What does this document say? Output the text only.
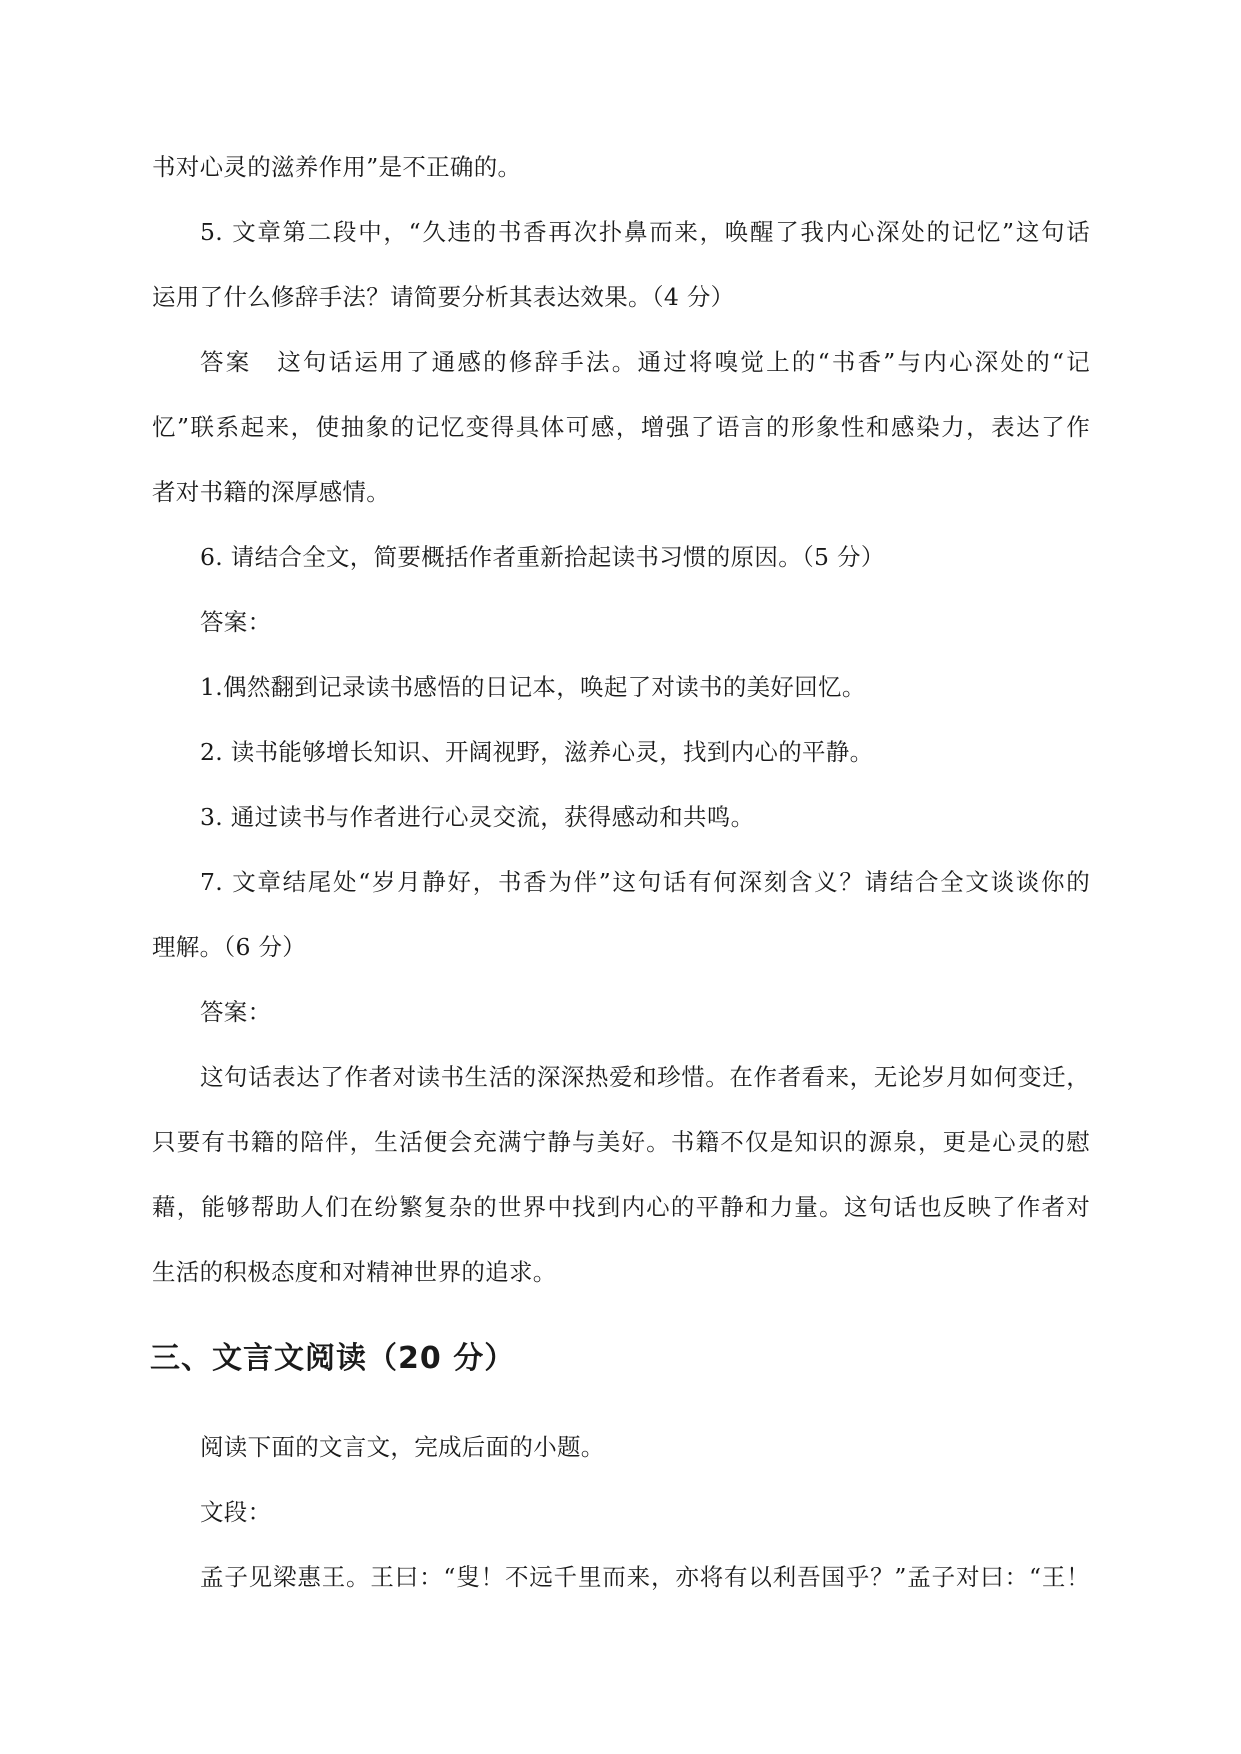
书对心灵的滋养作用”是不正确的。
5. 文章第二段中，“久违的书香再次扑鼻而来，唤醒了我内心深处的记忆”这句话
运用了什么修辞手法？请简要分析其表达效果。（4 分）
答案　这句话运用了通感的修辞手法。通过将嗅觉上的“书香”与内心深处的“记
忆”联系起来，使抽象的记忆变得具体可感，增强了语言的形象性和感染力，表达了作
者对书籍的深厚感情。
6. 请结合全文，简要概括作者重新拾起读书习惯的原因。（5 分）
答案：
1.偶然翻到记录读书感悟的日记本，唤起了对读书的美好回忆。
2. 读书能够增长知识、开阔视野，滋养心灵，找到内心的平静。
3. 通过读书与作者进行心灵交流，获得感动和共鸣。
7. 文章结尾处“岁月静好，书香为伴”这句话有何深刻含义？请结合全文谈谈你的
理解。（6 分）
答案：
这句话表达了作者对读书生活的深深热爱和珍惜。在作者看来，无论岁月如何变迁，
只要有书籍的陪伴，生活便会充满宁静与美好。书籍不仅是知识的源泉，更是心灵的慰
藉，能够帮助人们在纷繁复杂的世界中找到内心的平静和力量。这句话也反映了作者对
生活的积极态度和对精神世界的追求。
三、文言文阅读（20 分）
阅读下面的文言文，完成后面的小题。
文段：
孟子见梁惠王。王曰：“叟！不远千里而来，亦将有以利吾国乎？”孟子对曰：“王！
